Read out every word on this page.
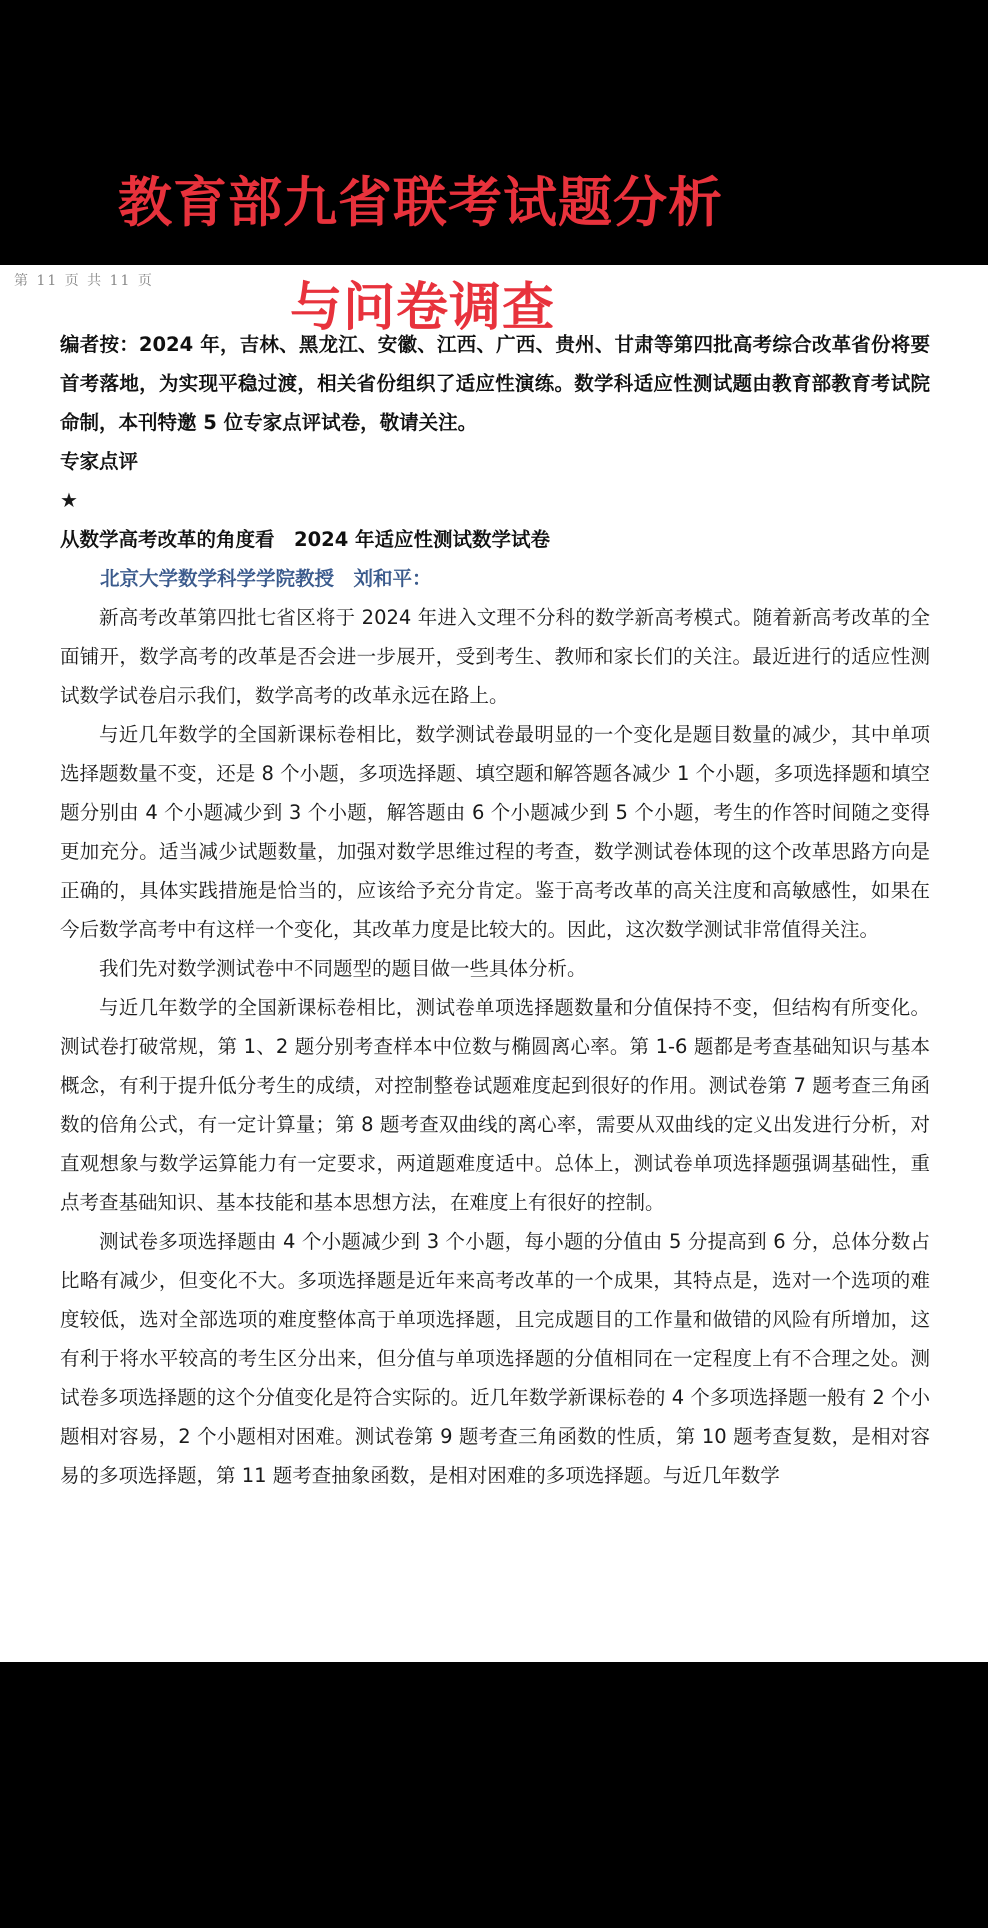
教育部九省联考试题分析
第 11 页 共 11 页	与问卷调查

编者按：2024 年，吉林、黑龙江、安徽、江西、广西、贵州、甘肃等第四批高考综合改革省份将要首考落地，为实现平稳过渡，相关省份组织了适应性演练。数学科适应性测试题由教育部教育考试院命制，本刊特邀 5 位专家点评试卷，敬请关注。

专家点评

★

从数学高考改革的角度看　2024 年适应性测试数学试卷

北京大学数学科学学院教授　刘和平：

新高考改革第四批七省区将于 2024 年进入文理不分科的数学新高考模式。随着新高考改革的全面铺开，数学高考的改革是否会进一步展开，受到考生、教师和家长们的关注。最近进行的适应性测试数学试卷启示我们，数学高考的改革永远在路上。

与近几年数学的全国新课标卷相比，数学测试卷最明显的一个变化是题目数量的减少，其中单项选择题数量不变，还是 8 个小题，多项选择题、填空题和解答题各减少 1 个小题，多项选择题和填空题分别由 4 个小题减少到 3 个小题，解答题由 6 个小题减少到 5 个小题，考生的作答时间随之变得更加充分。适当减少试题数量，加强对数学思维过程的考查，数学测试卷体现的这个改革思路方向是正确的，具体实践措施是恰当的，应该给予充分肯定。鉴于高考改革的高关注度和高敏感性，如果在今后数学高考中有这样一个变化，其改革力度是比较大的。因此，这次数学测试非常值得关注。

我们先对数学测试卷中不同题型的题目做一些具体分析。

与近几年数学的全国新课标卷相比，测试卷单项选择题数量和分值保持不变，但结构有所变化。测试卷打破常规，第 1、2 题分别考查样本中位数与椭圆离心率。第 1-6 题都是考查基础知识与基本概念，有利于提升低分考生的成绩，对控制整卷试题难度起到很好的作用。测试卷第 7 题考查三角函数的倍角公式，有一定计算量；第 8 题考查双曲线的离心率，需要从双曲线的定义出发进行分析，对直观想象与数学运算能力有一定要求，两道题难度适中。总体上，测试卷单项选择题强调基础性，重点考查基础知识、基本技能和基本思想方法，在难度上有很好的控制。

测试卷多项选择题由 4 个小题减少到 3 个小题，每小题的分值由 5 分提高到 6 分，总体分数占比略有减少，但变化不大。多项选择题是近年来高考改革的一个成果，其特点是，选对一个选项的难度较低，选对全部选项的难度整体高于单项选择题，且完成题目的工作量和做错的风险有所增加，这有利于将水平较高的考生区分出来，但分值与单项选择题的分值相同在一定程度上有不合理之处。测试卷多项选择题的这个分值变化是符合实际的。近几年数学新课标卷的 4 个多项选择题一般有 2 个小题相对容易，2 个小题相对困难。测试卷第 9 题考查三角函数的性质，第 10 题考查复数，是相对容易的多项选择题，第 11 题考查抽象函数，是相对困难的多项选择题。与近几年数学
